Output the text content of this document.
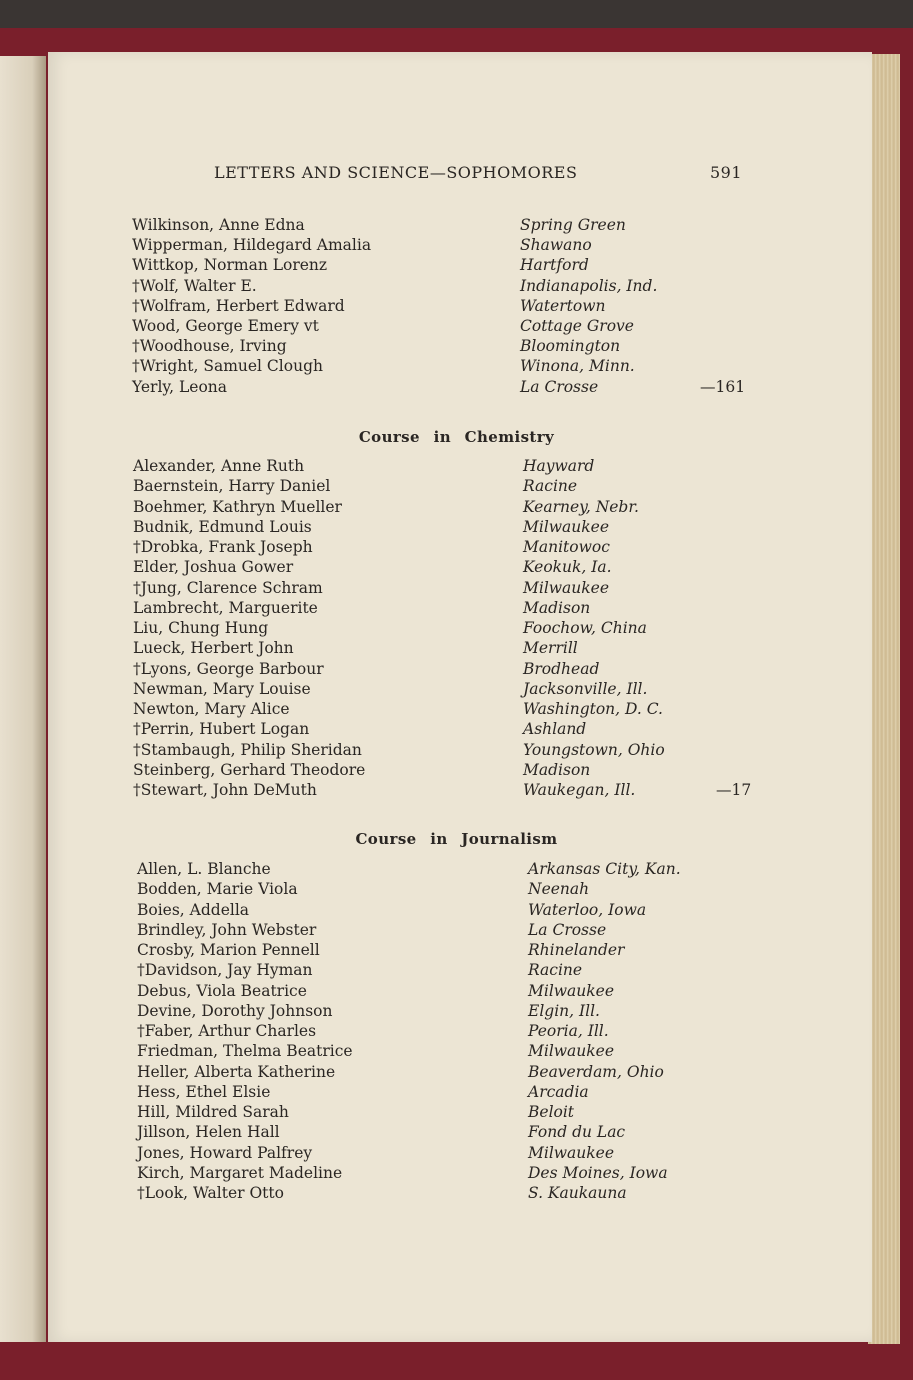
LETTERS AND SCIENCE—SOPHOMORES	591
Wilkinson, Anne Edna	Spring Green
Wipperman, Hildegard Amalia	Shawano
Wittkop, Norman Lorenz	Hartford
†Wolf, Walter E.	Indianapolis, Ind.
†Wolfram, Herbert Edward	Watertown
Wood, George Emery vt	Cottage Grove
†Woodhouse, Irving	Bloomington
†Wright, Samuel Clough	Winona, Minn.
Yerly, Leona	La Crosse	—161
Course in Chemistry
Alexander, Anne Ruth	Hayward
Baernstein, Harry Daniel	Racine
Boehmer, Kathryn Mueller	Kearney, Nebr.
Budnik, Edmund Louis	Milwaukee
†Drobka, Frank Joseph	Manitowoc
Elder, Joshua Gower	Keokuk, Ia.
†Jung, Clarence Schram	Milwaukee
Lambrecht, Marguerite	Madison
Liu, Chung Hung	Foochow, China
Lueck, Herbert John	Merrill
†Lyons, George Barbour	Brodhead
Newman, Mary Louise	Jacksonville, Ill.
Newton, Mary Alice	Washington, D. C.
†Perrin, Hubert Logan	Ashland
†Stambaugh, Philip Sheridan	Youngstown, Ohio
Steinberg, Gerhard Theodore	Madison
†Stewart, John DeMuth	Waukegan, Ill.	—17
Course in Journalism
Allen, L. Blanche	Arkansas City, Kan.
Bodden, Marie Viola	Neenah
Boies, Addella	Waterloo, Iowa
Brindley, John Webster	La Crosse
Crosby, Marion Pennell	Rhinelander
†Davidson, Jay Hyman	Racine
Debus, Viola Beatrice	Milwaukee
Devine, Dorothy Johnson	Elgin, Ill.
†Faber, Arthur Charles	Peoria, Ill.
Friedman, Thelma Beatrice	Milwaukee
Heller, Alberta Katherine	Beaverdam, Ohio
Hess, Ethel Elsie	Arcadia
Hill, Mildred Sarah	Beloit
Jillson, Helen Hall	Fond du Lac
Jones, Howard Palfrey	Milwaukee
Kirch, Margaret Madeline	Des Moines, Iowa
†Look, Walter Otto	S. Kaukauna
